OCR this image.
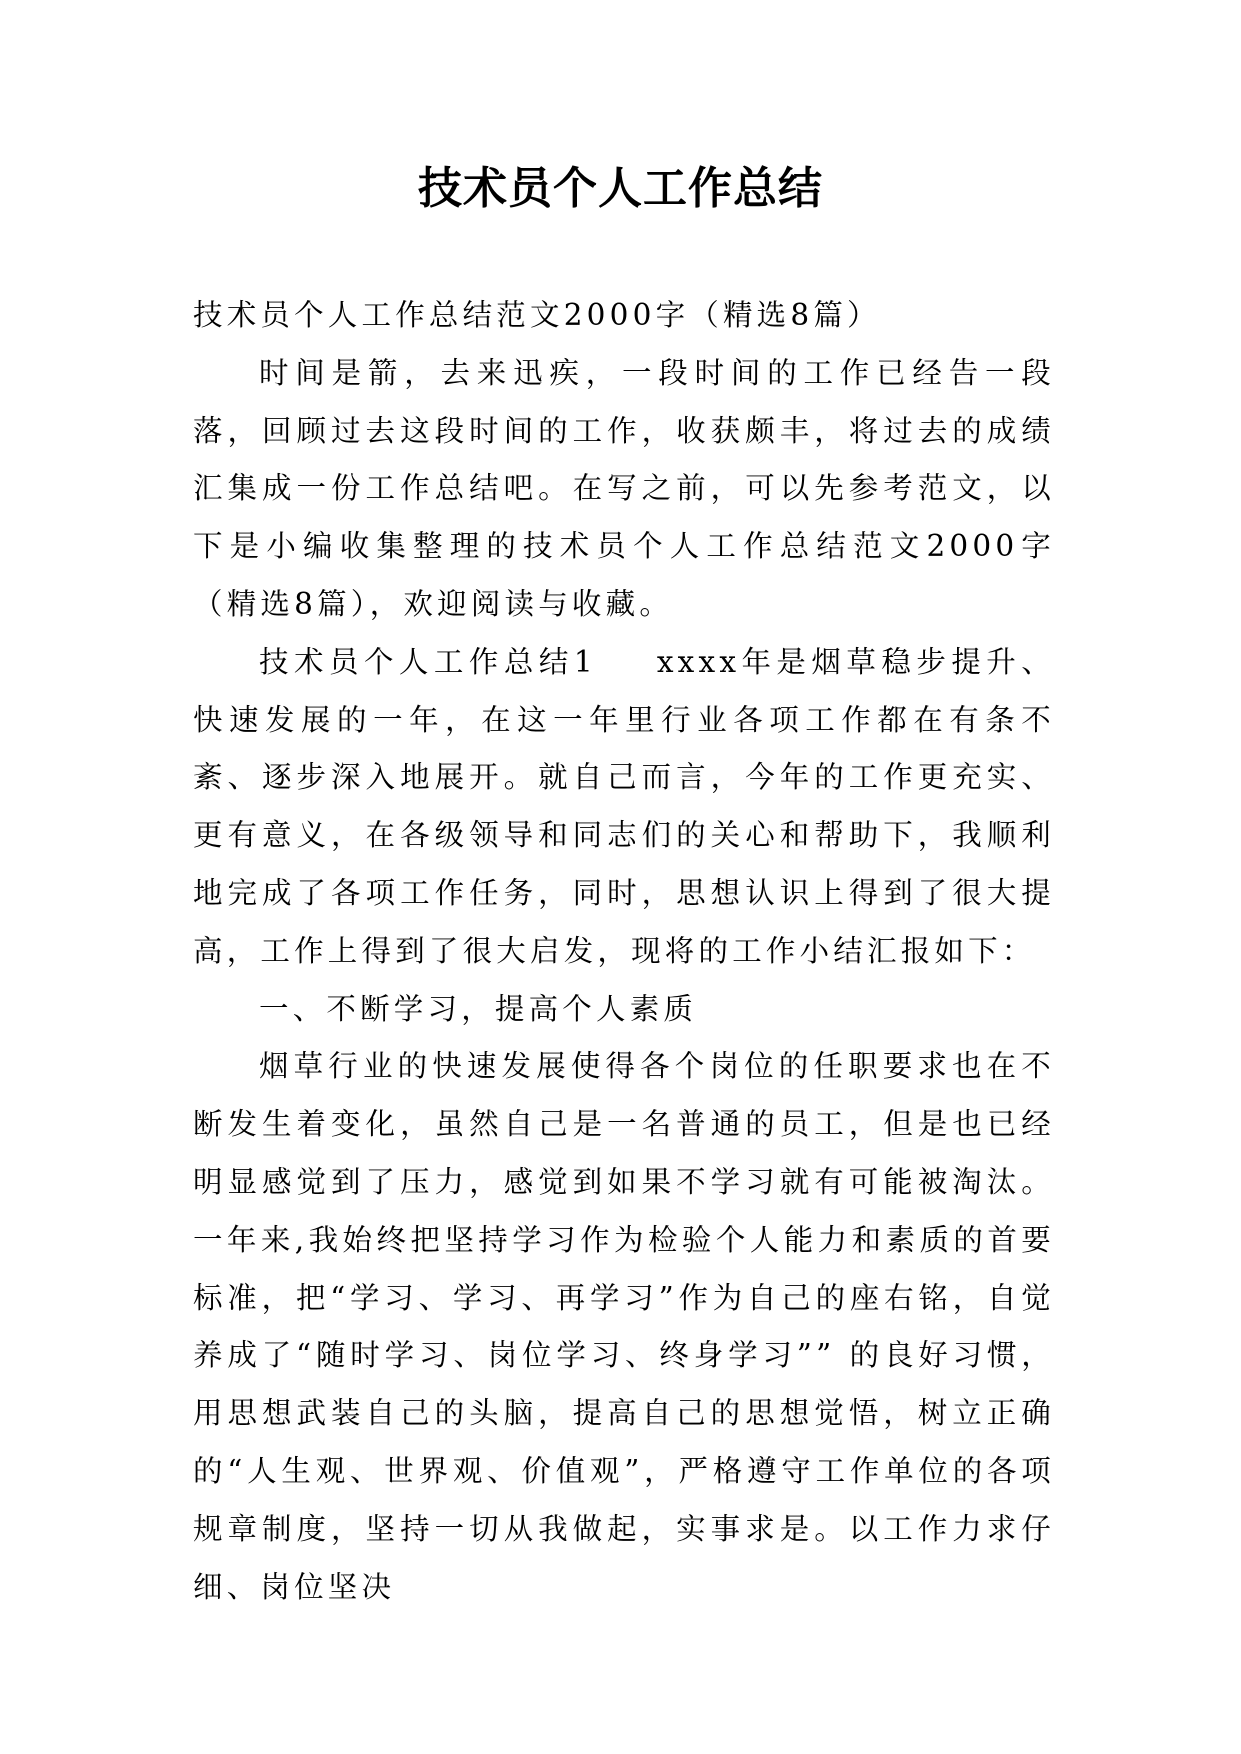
技术员个人工作总结

技术员个人工作总结范文2000字（精选8篇）

时间是箭，去来迅疾，一段时间的工作已经告一段落，回顾过去这段时间的工作，收获颇丰，将过去的成绩汇集成一份工作总结吧。在写之前，可以先参考范文，以下是小编收集整理的技术员个人工作总结范文2000字（精选8篇），欢迎阅读与收藏。

技术员个人工作总结1 xxxx年是烟草稳步提升、快速发展的一年，在这一年里行业各项工作都在有条不紊、逐步深入地展开。就自己而言，今年的工作更充实、更有意义，在各级领导和同志们的关心和帮助下，我顺利地完成了各项工作任务，同时，思想认识上得到了很大提高，工作上得到了很大启发，现将的工作小结汇报如下：

一、不断学习，提高个人素质

烟草行业的快速发展使得各个岗位的任职要求也在不断发生着变化，虽然自己是一名普通的员工，但是也已经明显感觉到了压力，感觉到如果不学习就有可能被淘汰。一年来,我始终把坚持学习作为检验个人能力和素质的首要标准，把“学习、学习、再学习”作为自己的座右铭，自觉养成了“随时学习、岗位学习、终身学习”” 的良好习惯，用思想武装自己的头脑，提高自己的思想觉悟，树立正确的“人生观、世界观、价值观”，严格遵守工作单位的各项规章制度，坚持一切从我做起，实事求是。以工作力求仔细、岗位坚决
